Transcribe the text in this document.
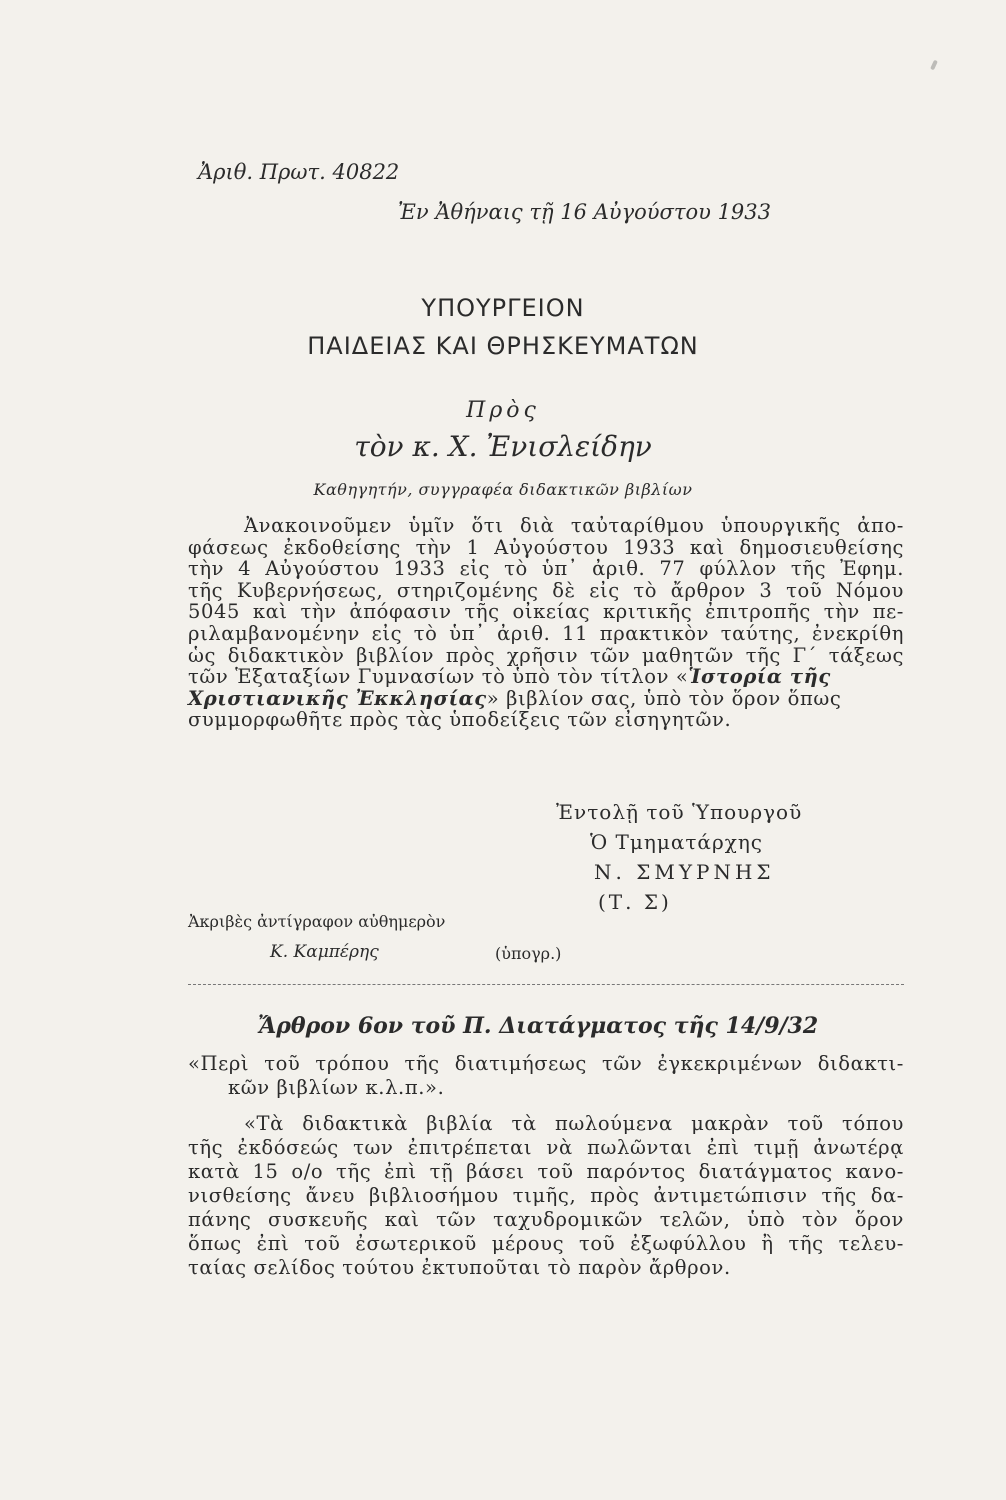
Ἀριθ. Πρωτ. 40822
Ἐν Ἀθήναις τῇ 16 Αὐγούστου 1933
ΥΠΟΥΡΓΕΙΟΝ
ΠΑΙΔΕΙΑΣ ΚΑΙ ΘΡΗΣΚΕΥΜΑΤΩΝ
Πρὸς
τὸν κ. Χ. Ἐνισλείδην
Καθηγητήν, συγγραφέα διδακτικῶν βιβλίων
Ἀνακοινοῦμεν ὑμῖν ὅτι διὰ ταὐταρίθμου ὑπουργικῆς ἀπο-
φάσεως ἐκδοθείσης τὴν 1 Αὐγούστου 1933 καὶ δημοσιευθείσης
τὴν 4 Αὐγούστου 1933 εἰς τὸ ὑπ᾽ ἀριθ. 77 φύλλον τῆς Ἐφημ.
τῆς Κυβερνήσεως, στηριζομένης δὲ εἰς τὸ ἄρθρον 3 τοῦ Νόμου
5045 καὶ τὴν ἀπόφασιν τῆς οἰκείας κριτικῆς ἐπιτροπῆς τὴν πε-
ριλαμβανομένην εἰς τὸ ὑπ᾽ ἀριθ. 11 πρακτικὸν ταύτης, ἐνεκρίθη
ὡς διδακτικὸν βιβλίον πρὸς χρῆσιν τῶν μαθητῶν τῆς Γ΄ τάξεως
τῶν Ἑξαταξίων Γυμνασίων τὸ ὑπὸ τὸν τίτλον «Ἱστορία τῆς
Χριστιανικῆς Ἐκκλησίας» βιβλίον σας, ὑπὸ τὸν ὅρον ὅπως
συμμορφωθῆτε πρὸς τὰς ὑποδείξεις τῶν εἰσηγητῶν.
Ἐντολῇ τοῦ Ὑπουργοῦ
Ὁ Τμηματάρχης
Ν. ΣΜΥΡΝΗΣ
(Τ. Σ)
Ἀκριβὲς ἀντίγραφον αὐθημερὸν
Κ. Καμπέρης	(ὑπογρ.)
Ἄρθρον 6ον τοῦ Π. Διατάγματος τῆς 14/9/32
«Περὶ τοῦ τρόπου τῆς διατιμήσεως τῶν ἐγκεκριμένων διδακτι-
κῶν βιβλίων κ.λ.π.».
«Τὰ διδακτικὰ βιβλία τὰ πωλούμενα μακρὰν τοῦ τόπου
τῆς ἐκδόσεώς των ἐπιτρέπεται νὰ πωλῶνται ἐπὶ τιμῇ ἀνωτέρᾳ
κατὰ 15 ο/ο τῆς ἐπὶ τῇ βάσει τοῦ παρόντος διατάγματος κανο-
νισθείσης ἄνευ βιβλιοσήμου τιμῆς, πρὸς ἀντιμετώπισιν τῆς δα-
πάνης συσκευῆς καὶ τῶν ταχυδρομικῶν τελῶν, ὑπὸ τὸν ὅρον
ὅπως ἐπὶ τοῦ ἐσωτερικοῦ μέρους τοῦ ἐξωφύλλου ἢ τῆς τελευ-
ταίας σελίδος τούτου ἐκτυποῦται τὸ παρὸν ἄρθρον.
